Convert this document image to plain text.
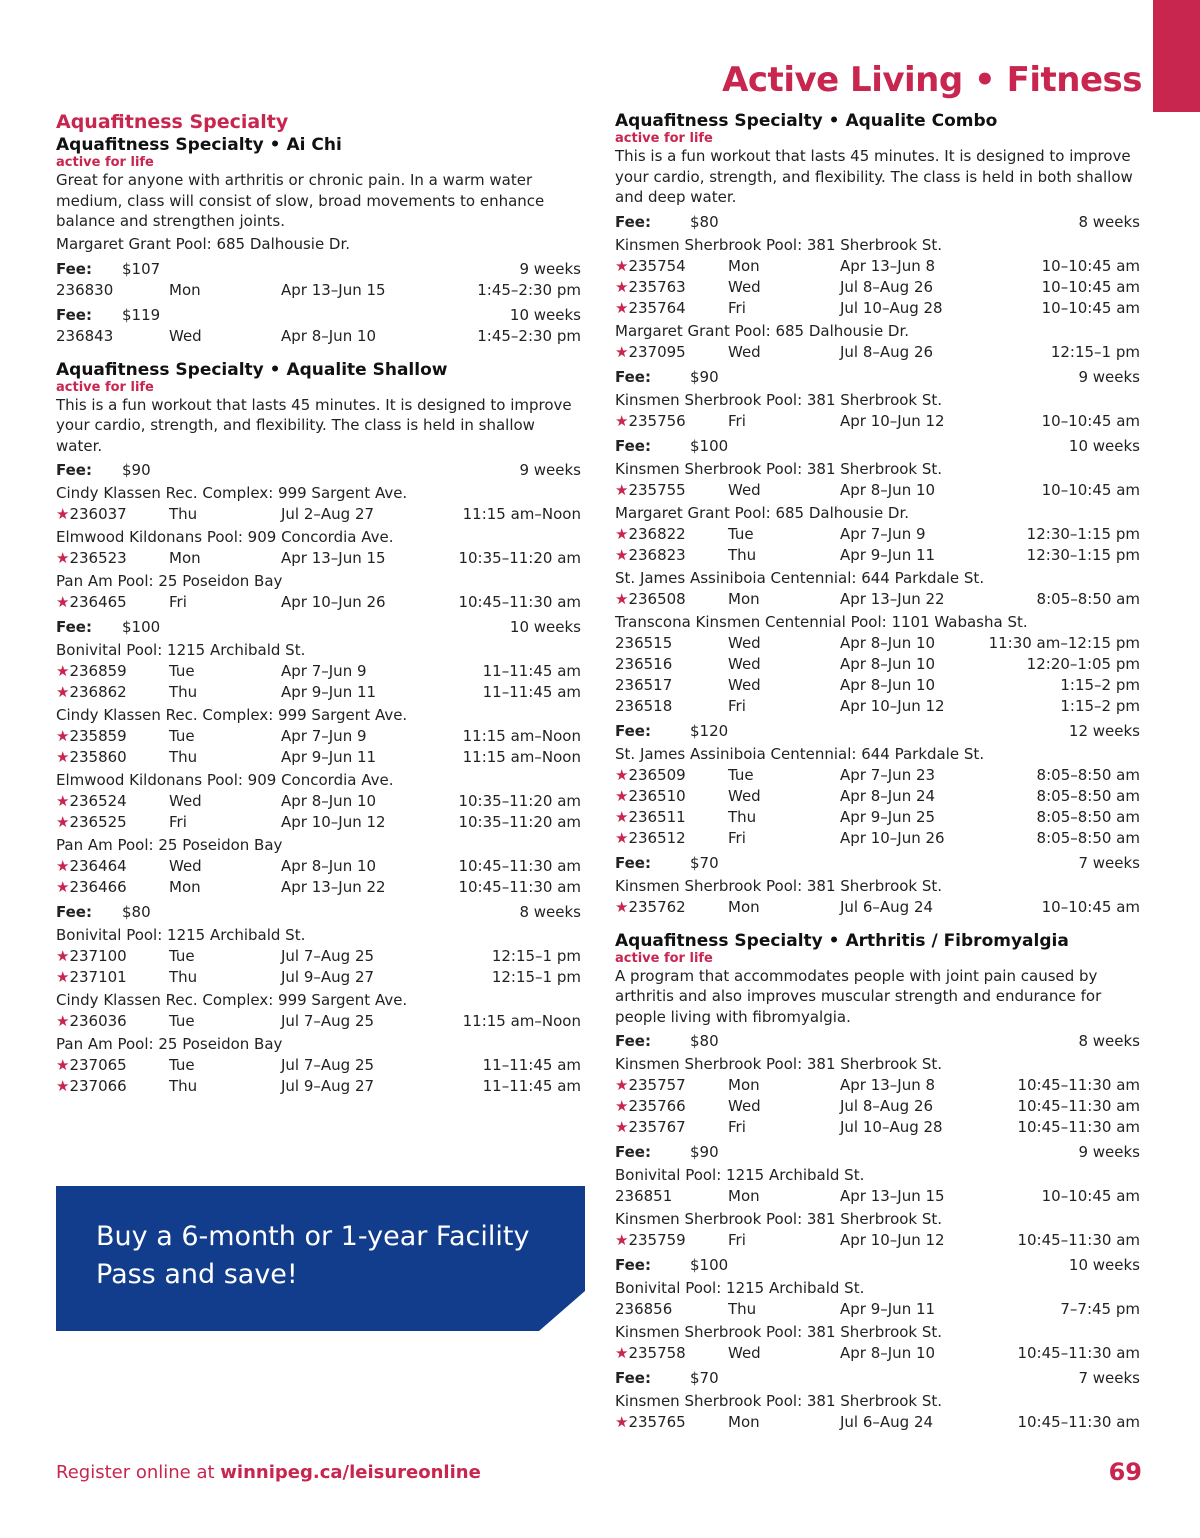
Active Living • Fitness
Aquafitness Specialty
Aquafitness Specialty • Ai Chi
active for life
Great for anyone with arthritis or chronic pain. In a warm water medium, class will consist of slow, broad movements to enhance balance and strengthen joints.
Margaret Grant Pool: 685 Dalhousie Dr.
Fee: $107	9 weeks
236830	Mon	Apr 13–Jun 15	1:45–2:30 pm
Fee: $119	10 weeks
236843	Wed	Apr 8–Jun 10	1:45–2:30 pm
Aquafitness Specialty • Aqualite Shallow
active for life
This is a fun workout that lasts 45 minutes. It is designed to improve your cardio, strength, and flexibility. The class is held in shallow water.
Fee: $90	9 weeks
Cindy Klassen Rec. Complex: 999 Sargent Ave.
★236037	Thu	Jul 2–Aug 27	11:15 am–Noon
Elmwood Kildonans Pool: 909 Concordia Ave.
★236523	Mon	Apr 13–Jun 15	10:35–11:20 am
Pan Am Pool: 25 Poseidon Bay
★236465	Fri	Apr 10–Jun 26	10:45–11:30 am
Fee: $100	10 weeks
Bonivital Pool: 1215 Archibald St.
★236859	Tue	Apr 7–Jun 9	11–11:45 am
★236862	Thu	Apr 9–Jun 11	11–11:45 am
Cindy Klassen Rec. Complex: 999 Sargent Ave.
★235859	Tue	Apr 7–Jun 9	11:15 am–Noon
★235860	Thu	Apr 9–Jun 11	11:15 am–Noon
Elmwood Kildonans Pool: 909 Concordia Ave.
★236524	Wed	Apr 8–Jun 10	10:35–11:20 am
★236525	Fri	Apr 10–Jun 12	10:35–11:20 am
Pan Am Pool: 25 Poseidon Bay
★236464	Wed	Apr 8–Jun 10	10:45–11:30 am
★236466	Mon	Apr 13–Jun 22	10:45–11:30 am
Fee: $80	8 weeks
Bonivital Pool: 1215 Archibald St.
★237100	Tue	Jul 7–Aug 25	12:15–1 pm
★237101	Thu	Jul 9–Aug 27	12:15–1 pm
Cindy Klassen Rec. Complex: 999 Sargent Ave.
★236036	Tue	Jul 7–Aug 25	11:15 am–Noon
Pan Am Pool: 25 Poseidon Bay
★237065	Tue	Jul 7–Aug 25	11–11:45 am
★237066	Thu	Jul 9–Aug 27	11–11:45 am
Aquafitness Specialty • Aqualite Combo
active for life
This is a fun workout that lasts 45 minutes. It is designed to improve your cardio, strength, and flexibility. The class is held in both shallow and deep water.
Fee:	$80	8 weeks
Kinsmen Sherbrook Pool: 381 Sherbrook St.
★235754	Mon	Apr 13–Jun 8	10–10:45 am
★235763	Wed	Jul 8–Aug 26	10–10:45 am
★235764	Fri	Jul 10–Aug 28	10–10:45 am
Margaret Grant Pool: 685 Dalhousie Dr.
★237095	Wed	Jul 8–Aug 26	12:15–1 pm
Fee:	$90	9 weeks
Kinsmen Sherbrook Pool: 381 Sherbrook St.
★235756	Fri	Apr 10–Jun 12	10–10:45 am
Fee:	$100	10 weeks
Kinsmen Sherbrook Pool: 381 Sherbrook St.
★235755	Wed	Apr 8–Jun 10	10–10:45 am
Margaret Grant Pool: 685 Dalhousie Dr.
★236822	Tue	Apr 7–Jun 9	12:30–1:15 pm
★236823	Thu	Apr 9–Jun 11	12:30–1:15 pm
St. James Assiniboia Centennial: 644 Parkdale St.
★236508	Mon	Apr 13–Jun 22	8:05–8:50 am
Transcona Kinsmen Centennial Pool: 1101 Wabasha St.
236515	Wed	Apr 8–Jun 10	11:30 am–12:15 pm
236516	Wed	Apr 8–Jun 10	12:20–1:05 pm
236517	Wed	Apr 8–Jun 10	1:15–2 pm
236518	Fri	Apr 10–Jun 12	1:15–2 pm
Fee:	$120	12 weeks
St. James Assiniboia Centennial: 644 Parkdale St.
★236509	Tue	Apr 7–Jun 23	8:05–8:50 am
★236510	Wed	Apr 8–Jun 24	8:05–8:50 am
★236511	Thu	Apr 9–Jun 25	8:05–8:50 am
★236512	Fri	Apr 10–Jun 26	8:05–8:50 am
Fee:	$70	7 weeks
Kinsmen Sherbrook Pool: 381 Sherbrook St.
★235762	Mon	Jul 6–Aug 24	10–10:45 am
Aquafitness Specialty • Arthritis / Fibromyalgia
active for life
A program that accommodates people with joint pain caused by arthritis and also improves muscular strength and endurance for people living with fibromyalgia.
Fee:	$80	8 weeks
Kinsmen Sherbrook Pool: 381 Sherbrook St.
★235757	Mon	Apr 13–Jun 8	10:45–11:30 am
★235766	Wed	Jul 8–Aug 26	10:45–11:30 am
★235767	Fri	Jul 10–Aug 28	10:45–11:30 am
Fee:	$90	9 weeks
Bonivital Pool: 1215 Archibald St.
236851	Mon	Apr 13–Jun 15	10–10:45 am
Kinsmen Sherbrook Pool: 381 Sherbrook St.
★235759	Fri	Apr 10–Jun 12	10:45–11:30 am
Fee:	$100	10 weeks
Bonivital Pool: 1215 Archibald St.
236856	Thu	Apr 9–Jun 11	7–7:45 pm
Kinsmen Sherbrook Pool: 381 Sherbrook St.
★235758	Wed	Apr 8–Jun 10	10:45–11:30 am
Fee:	$70	7 weeks
Kinsmen Sherbrook Pool: 381 Sherbrook St.
★235765	Mon	Jul 6–Aug 24	10:45–11:30 am
Buy a 6-month or 1-year Facility Pass and save!
Register online at winnipeg.ca/leisureonline	69
